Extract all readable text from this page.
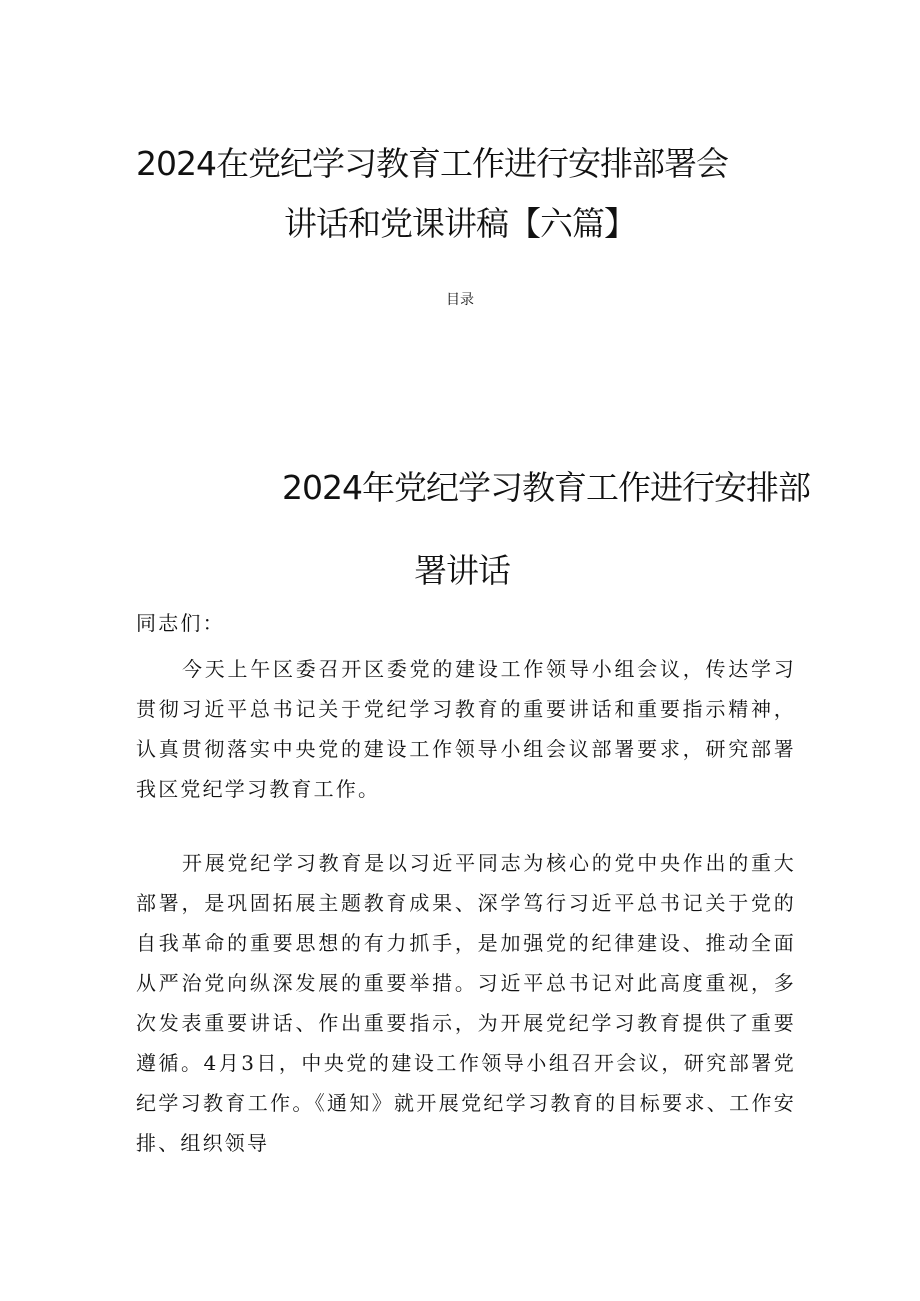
2024在党纪学习教育工作进行安排部署会
讲话和党课讲稿【六篇】
目录
2024年党纪学习教育工作进行安排部
署讲话
同志们：

今天上午区委召开区委党的建设工作领导小组会议，传达学习贯彻习近平总书记关于党纪学习教育的重要讲话和重要指示精神，认真贯彻落实中央党的建设工作领导小组会议部署要求，研究部署我区党纪学习教育工作。

开展党纪学习教育是以习近平同志为核心的党中央作出的重大部署，是巩固拓展主题教育成果、深学笃行习近平总书记关于党的自我革命的重要思想的有力抓手，是加强党的纪律建设、推动全面从严治党向纵深发展的重要举措。习近平总书记对此高度重视，多次发表重要讲话、作出重要指示，为开展党纪学习教育提供了重要遵循。4月3日，中央党的建设工作领导小组召开会议，研究部署党纪学习教育工作。《通知》就开展党纪学习教育的目标要求、工作安排、组织领导
